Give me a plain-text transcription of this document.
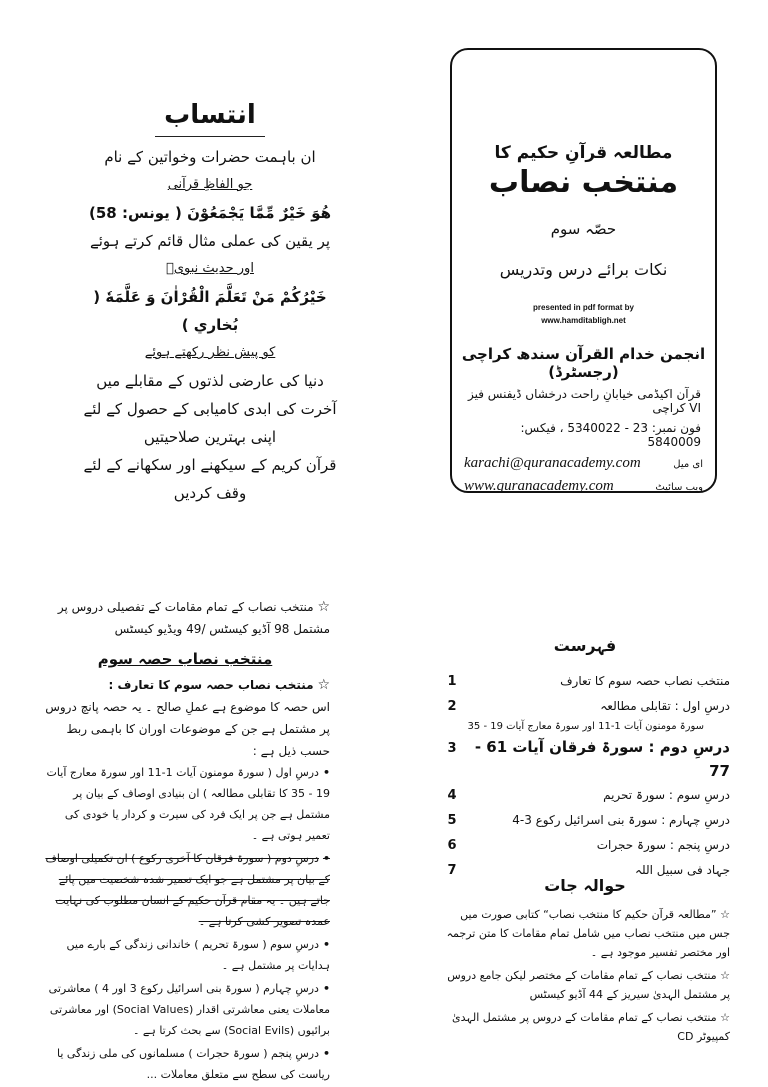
انتساب

ان باہمت حضرات وخواتین کے نام

جو الفاظِ قرآنی

هُوَ خَيْرٌ مِّمَّا يَجْمَعُوْنَ ( يونس: 58)

پر یقین کی عملی مثال قائم کرتے ہوئے

اور حدیث نبویؐ

خَيْرُكُمْ مَنْ تَعَلَّمَ الْقُرْاٰنَ وَ عَلَّمَهٗ ( بُخاري )

کو پیش نظر رکھتے ہوئے

دنیا کی عارضی لذتوں کے مقابلے میں

آخرت کی ابدی کامیابی کے حصول کے لئے

اپنی بہترین صلاحیتیں

قرآن کریم کے سیکھنے اور سکھانے کے لئے

وقف کردیں

مطالعہ قرآنِ حکیم کا
منتخب نصاب
حصّہ سوم
نکات برائے درس وتدریس
presented in pdf format by
www.hamditabligh.net
انجمن خدام القرآن سندھ کراچی (رجسٹرڈ)
قرآن اکیڈمی خیابانِ راحت درخشاں ڈیفنس فیز VI کراچی
فون نمبر: 23 - 5340022 ، فیکس: 5840009
karachi@quranacademy.com	ای میل
www.quranacademy.com	ویب سائیٹ

☆ منتخب نصاب کے تمام مقامات کے تفصیلی دروس پر مشتمل 98 آڈیو کیسٹس /49 ویڈیو کیسٹس

منتخب نصاب حصہ سوم

☆ منتخب نصاب حصہ سوم کا تعارف :

اس حصہ کا موضوع ہے عملِ صالح ۔ یہ حصہ پانچ دروس پر مشتمل ہے جن کے موضوعات اوران کا باہمی ربط حسب ذیل ہے :

•درسِ اول ( سورۃ مومنون آیات 1-11 اور سورۃ معارج آیات 19 - 35 کا تقابلی مطالعہ ) ان بنیادی اوصاف کے بیان پر مشتمل ہے جن پر ایک فرد کی سیرت و کردار یا خودی کی تعمیر ہوتی ہے ۔

•درسِ دوم ( سورۃ فرقان کا آخری رکوع ) ان تکمیلی اوصاف کے بیان پر مشتمل ہے جو ایک تعمیر شدہ شخصیت میں پائے جاتے ہیں ۔ یہ مقام قرآن حکیم کے انسان مطلوب کی نہایت عمدہ تصویر کشی کرتا ہے ۔

•درسِ سوم ( سورۃ تحریم ) خاندانی زندگی کے بارے میں ہدایات پر مشتمل ہے ۔

•درسِ چہارم ( سورۃ بنی اسرائیل رکوع 3 اور 4 ) معاشرتی معاملات یعنی معاشرتی اقدار (Social Values) اور معاشرتی برائیوں (Social Evils) سے بحث کرتا ہے ۔

•درسِ پنجم ( سورۃ حجرات ) مسلمانوں کی ملی زندگی یا ریاست کی سطح سے متعلق معاملات ...

فہرست
1	منتخب نصاب حصہ سوم کا تعارف
2	درسِ اول : تقابلی مطالعہ
سورۃ مومنون آیات 1-11 اور سورۃ معارج آیات 19 - 35
3	درسِ دوم : سورۃ فرقان آیات 61 - 77
4	درسِ سوم : سورۃ تحریم
5	درسِ چہارم : سورۃ بنی اسرائیل رکوع 3-4
6	درسِ پنجم : سورۃ حجرات
7	جہاد فی سبیل اللہ
حوالہ جات

☆ ”مطالعہ قرآن حکیم کا منتخب نصاب“ کتابی صورت میں جس میں منتخب نصاب میں شامل تمام مقامات کا متن ترجمہ اور مختصر تفسیر موجود ہے ۔

☆ منتخب نصاب کے تمام مقامات کے مختصر لیکن جامع دروس پر مشتمل الہدیٰ سیریز کے 44 آڈیو کیسٹس

☆ منتخب نصاب کے تمام مقامات کے دروس پر مشتمل الہدیٰ کمپیوٹر CD
